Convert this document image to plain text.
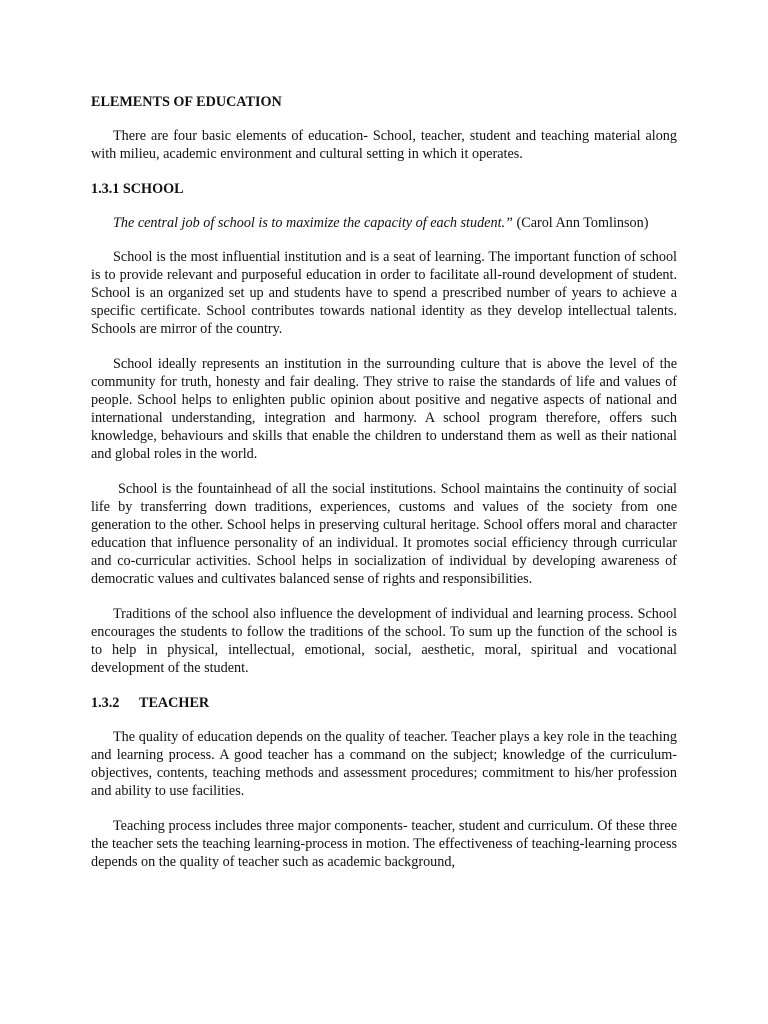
ELEMENTS OF EDUCATION

There are four basic elements of education- School, teacher, student and teaching material along with milieu, academic environment and cultural setting in which it operates.

1.3.1 SCHOOL
The central job of school is to maximize the capacity of each student.” (Carol Ann Tomlinson)

School is the most influential institution and is a seat of learning. The important function of school is to provide relevant and purposeful education in order to facilitate all-round development of student. School is an organized set up and students have to spend a prescribed number of years to achieve a specific certificate. School contributes towards national identity as they develop intellectual talents. Schools are mirror of the country.

School ideally represents an institution in the surrounding culture that is above the level of the community for truth, honesty and fair dealing. They strive to raise the standards of life and values of people. School helps to enlighten public opinion about positive and negative aspects of national and international understanding, integration and harmony. A school program therefore, offers such knowledge, behaviours and skills that enable the children to understand them as well as their national and global roles in the world.

School is the fountainhead of all the social institutions. School maintains the continuity of social life by transferring down traditions, experiences, customs and values of the society from one generation to the other. School helps in preserving cultural heritage. School offers moral and character education that influence personality of an individual. It promotes social efficiency through curricular and co-curricular activities. School helps in socialization of individual by developing awareness of democratic values and cultivates balanced sense of rights and responsibilities.

Traditions of the school also influence the development of individual and learning process. School encourages the students to follow the traditions of the school. To sum up the function of the school is to help in physical, intellectual, emotional, social, aesthetic, moral, spiritual and vocational development of the student.

1.3.2 TEACHER

The quality of education depends on the quality of teacher. Teacher plays a key role in the teaching and learning process. A good teacher has a command on the subject; knowledge of the curriculum- objectives, contents, teaching methods and assessment procedures; commitment to his/her profession and ability to use facilities.

Teaching process includes three major components- teacher, student and curriculum. Of these three the teacher sets the teaching learning-process in motion. The effectiveness of teaching-learning process depends on the quality of teacher such as academic background,
